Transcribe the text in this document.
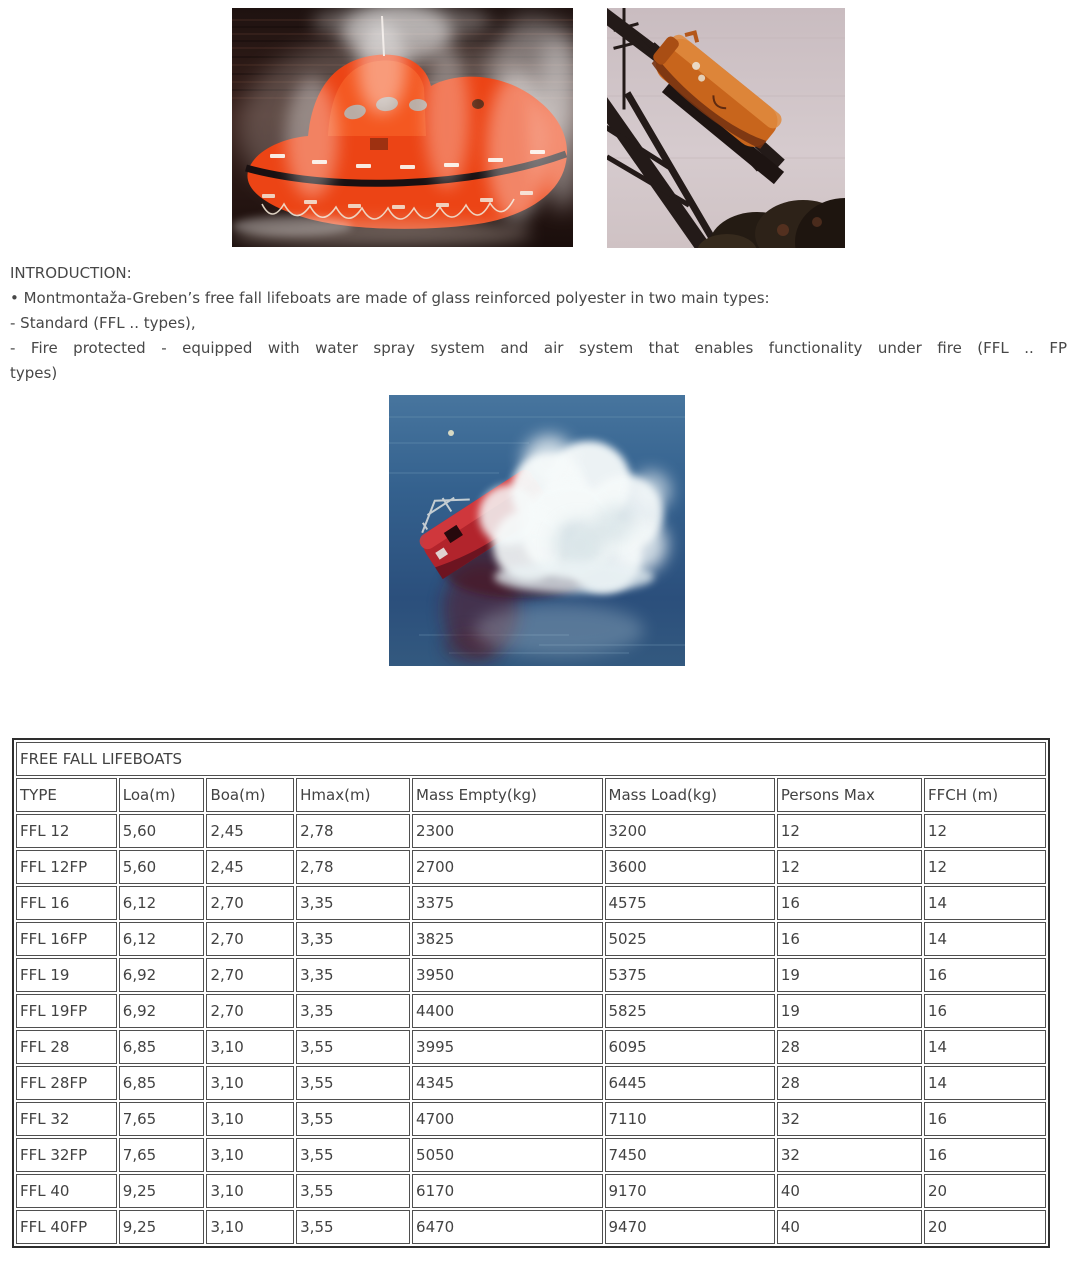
INTRODUCTION:
• Montmontaža-Greben’s free fall lifeboats are made of glass reinforced polyester in two main types:
- Standard (FFL .. types),
- Fire protected - equipped with water spray system and air system that enables functionality under fire (FFL .. FP
types)
FREE FALL LIFEBOATS							
TYPE	Loa(m)	Boa(m)	Hmax(m)	Mass Empty(kg)	Mass Load(kg)	Persons Max	FFCH (m)
FFL 12	5,60	2,45	2,78	2300	3200	12	12
FFL 12FP	5,60	2,45	2,78	2700	3600	12	12
FFL 16	6,12	2,70	3,35	3375	4575	16	14
FFL 16FP	6,12	2,70	3,35	3825	5025	16	14
FFL 19	6,92	2,70	3,35	3950	5375	19	16
FFL 19FP	6,92	2,70	3,35	4400	5825	19	16
FFL 28	6,85	3,10	3,55	3995	6095	28	14
FFL 28FP	6,85	3,10	3,55	4345	6445	28	14
FFL 32	7,65	3,10	3,55	4700	7110	32	16
FFL 32FP	7,65	3,10	3,55	5050	7450	32	16
FFL 40	9,25	3,10	3,55	6170	9170	40	20
FFL 40FP	9,25	3,10	3,55	6470	9470	40	20
